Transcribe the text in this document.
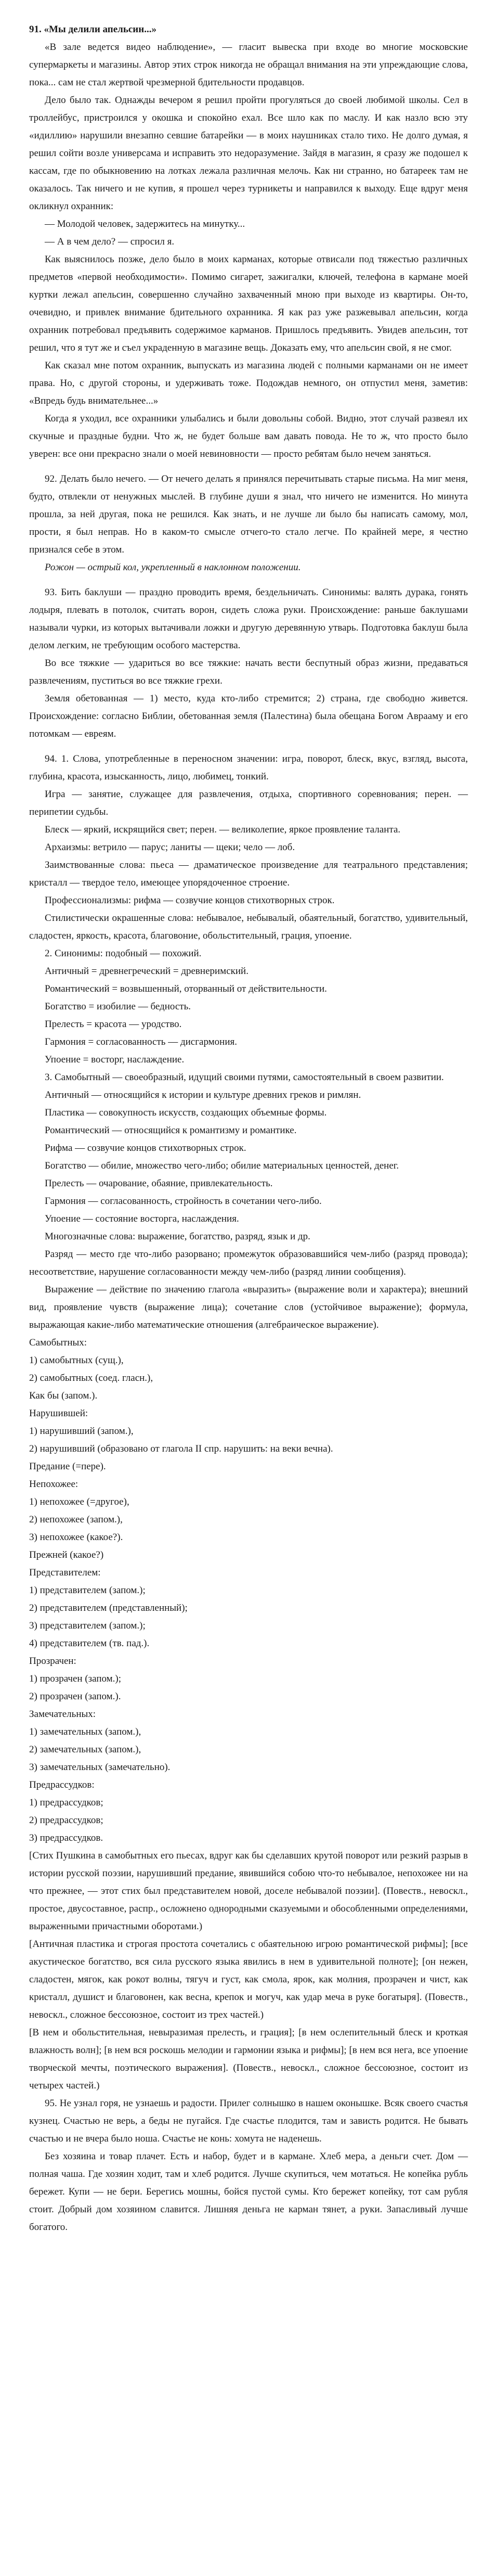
91. «Мы делили апельсин...»

«В зале ведется видео наблюдение», — гласит вывеска при входе во многие московские супермаркеты и магазины. Автор этих строк никогда не обращал внимания на эти упреждающие слова, пока... сам не стал жертвой чрезмерной бдительности продавцов.

Дело было так. Однажды вечером я решил пройти прогуляться до своей любимой школы. Сел в троллейбус, пристроился у окошка и спокойно ехал. Все шло как по маслу. И как назло всю эту «идиллию» нарушили внезапно севшие батарейки — в моих наушниках стало тихо. Не долго думая, я решил сойти возле универсама и исправить это недоразумение. Зайдя в магазин, я сразу же подошел к кассам, где по обыкновению на лотках лежала различная мелочь. Как ни странно, но батареек там не оказалось. Так ничего и не купив, я прошел через турникеты и направился к выходу. Еще вдруг меня окликнул охранник:

— Молодой человек, задержитесь на минутку...

— А в чем дело? — спросил я.

Как выяснилось позже, дело было в моих карманах, которые отвисали под тяжестью различных предметов «первой необходимости». Помимо сигарет, зажигалки, ключей, телефона в кармане моей куртки лежал апельсин, совершенно случайно захваченный мною при выходе из квартиры. Он-то, очевидно, и привлек внимание бдительного охранника. Я как раз уже разжевывал апельсин, когда охранник потребовал предъявить содержимое карманов. Пришлось предъявить. Увидев апельсин, тот решил, что я тут же и съел украденную в магазине вещь. Доказать ему, что апельсин свой, я не смог.

Как сказал мне потом охранник, выпускать из магазина людей с полными карманами он не имеет права. Но, с другой стороны, и удерживать тоже. Подождав немного, он отпустил меня, заметив: «Впредь будь внимательнее...»

Когда я уходил, все охранники улыбались и были довольны собой. Видно, этот случай развеял их скучные и праздные будни. Что ж, не будет больше вам давать повода. Не то ж, что просто было уверен: все они прекрасно знали о моей невиновности — просто ребятам было нечем заняться.

92. Делать было нечего. — От нечего делать я принялся перечитывать старые письма. На миг меня, будто, отвлекли от ненужных мыслей. В глубине души я знал, что ничего не изменится. Но минута прошла, за ней другая, пока не решился. Как знать, и не лучше ли было бы написать самому, мол, прости, я был неправ. Но в каком-то смысле отчего-то стало легче. По крайней мере, я честно признался себе в этом.

Рожон — острый кол, укрепленный в наклонном положении.

93. Бить баклуши — праздно проводить время, бездельничать. Синонимы: валять дурака, гонять лодыря, плевать в потолок, считать ворон, сидеть сложа руки. Происхождение: раньше баклушами называли чурки, из которых вытачивали ложки и другую деревянную утварь. Подготовка баклуш была делом легким, не требующим особого мастерства.

Во все тяжкие — удариться во все тяжкие: начать вести беспутный образ жизни, предаваться развлечениям, пуститься во все тяжкие грехи.

Земля обетованная — 1) место, куда кто-либо стремится; 2) страна, где свободно живется. Происхождение: согласно Библии, обетованная земля (Палестина) была обещана Богом Аврааму и его потомкам — евреям.

94. 1. Слова, употребленные в переносном значении: игра, поворот, блеск, вкус, взгляд, высота, глубина, красота, изысканность, лицо, любимец, тонкий.

Игра — занятие, служащее для развлечения, отдыха, спортивного соревнования; перен. — перипетии судьбы.

Блеск — яркий, искрящийся свет; перен. — великолепие, яркое проявление таланта.

Архаизмы: ветрило — парус; ланиты — щеки; чело — лоб.

Заимствованные слова: пьеса — драматическое произведение для театрального представления; кристалл — твердое тело, имеющее упорядоченное строение.

Профессионализмы: рифма — созвучие концов стихотворных строк.

Стилистически окрашенные слова: небывалое, небывалый, обаятельный, богатство, удивительный, сладостен, яркость, красота, благовоние, обольстительный, грация, упоение.

2. Синонимы: подобный — похожий.

Античный = древнегреческий = древнеримский.

Романтический = возвышенный, оторванный от действительности.

Богатство = изобилие — бедность.

Прелесть = красота — уродство.

Гармония = согласованность — дисгармония.

Упоение = восторг, наслаждение.

3. Самобытный — своеобразный, идущий своими путями, самостоятельный в своем развитии.

Античный — относящийся к истории и культуре древних греков и римлян.

Пластика — совокупность искусств, создающих объемные формы.

Романтический — относящийся к романтизму и романтике.

Рифма — созвучие концов стихотворных строк.

Богатство — обилие, множество чего-либо; обилие материальных ценностей, денег.

Прелесть — очарование, обаяние, привлекательность.

Гармония — согласованность, стройность в сочетании чего-либо.

Упоение — состояние восторга, наслаждения.

Многозначные слова: выражение, богатство, разряд, язык и др.

Разряд — место где что-либо разорвано; промежуток образовавшийся чем-либо (разряд провода); несоответствие, нарушение согласованности между чем-либо (разряд линии сообщения).

Выражение — действие по значению глагола «выразить» (выражение воли и характера); внешний вид, проявление чувств (выражение лица); сочетание слов (устойчивое выражение); формула, выражающая какие-либо математические отношения (алгебраическое выражение).

Самобытных:

1) самобытных (сущ.),

2) самобытных (соед. гласн.),

Как бы (запом.).

Нарушившей:

1) нарушивший (запом.),

2) нарушивший (образовано от глагола II спр. нарушить: на веки вечна).

Предание (=пере).

Непохожее:

1) непохожее (=другое),

2) непохожее (запом.),

3) непохожее (какое?).

Прежней (какое?)

Представителем:

1) представителем (запом.);

2) представителем (представленный);

3) представителем (запом.);

4) представителем (тв. пад.).

Прозрачен:

1) прозрачен (запом.);

2) прозрачен (запом.).

Замечательных:

1) замечательных (запом.),

2) замечательных (запом.),

3) замечательных (замечательно).

Предрассудков:

1) предрассудков;

2) предрассудков;

3) предрассудков.

[Стих Пушкина в самобытных его пьесах, вдруг как бы сделавших крутой поворот или резкий разрыв в истории русской поэзии, нарушивший предание, явившийся собою что-то небывалое, непохожее ни на что прежнее, — этот стих был представителем новой, доселе небывалой поэзии]. (Повеств., невоскл., простое, двусоставное, распр., осложнено однородными сказуемыми и обособленными определениями, выраженными причастными оборотами.)

[Античная пластика и строгая простота сочетались с обаятельною игрою романтической рифмы]; [все акустическое богатство, вся сила русского языка явились в нем в удивительной полноте]; [он нежен, сладостен, мягок, как рокот волны, тягуч и густ, как смола, ярок, как молния, прозрачен и чист, как кристалл, душист и благовонен, как весна, крепок и могуч, как удар меча в руке богатыря]. (Повеств., невоскл., сложное бессоюзное, состоит из трех частей.)

[В нем и обольстительная, невыразимая прелесть, и грация]; [в нем ослепительный блеск и кроткая влажность волн]; [в нем вся роскошь мелодии и гармонии языка и рифмы]; [в нем вся нега, все упоение творческой мечты, поэтического выражения]. (Повеств., невоскл., сложное бессоюзное, состоит из четырех частей.)

95. Не узнал горя, не узнаешь и радости. Прилег солнышко в нашем оконышке. Всяк своего счастья кузнец. Счастью не верь, а беды не пугайся. Где счастье плодится, там и зависть родится. Не бывать счастью и не вчера было ноша. Счастье не конь: хомута не наденешь.

Без хозяина и товар плачет. Есть и набор, будет и в кармане. Хлеб мера, а деньги счет. Дом — полная чаша. Где хозяин ходит, там и хлеб родится. Лучше скупиться, чем мотаться. Не копейка рубль бережет. Купи — не бери. Берегись мошны, бойся пустой сумы. Кто бережет копейку, тот сам рубля стоит. Добрый дом хозяином славится. Лишняя деньга не карман тянет, а руки. Запасливый лучше богатого.
